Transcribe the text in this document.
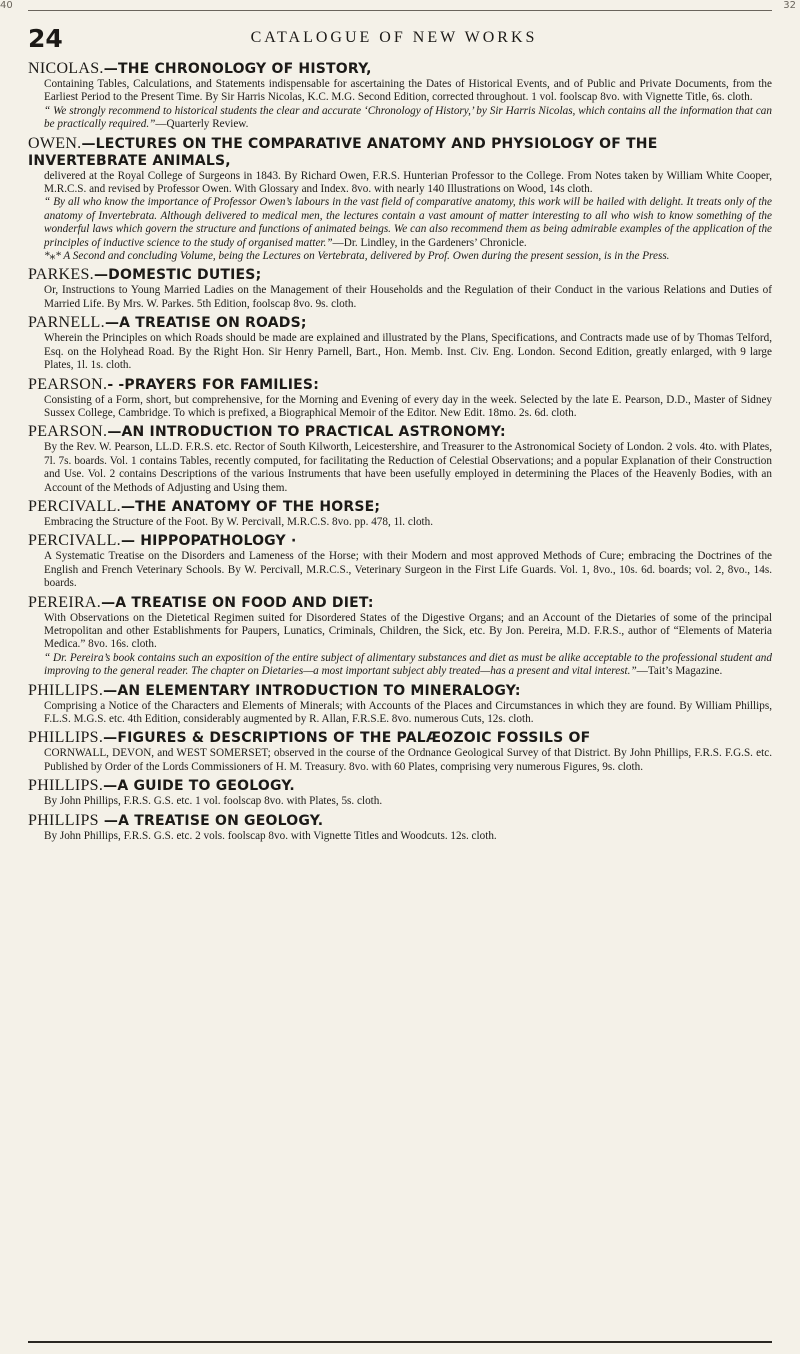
40	32
24	CATALOGUE OF NEW WORKS

NICOLAS.—THE CHRONOLOGY OF HISTORY,

Containing Tables, Calculations, and Statements indispensable for ascertaining the Dates of Historical Events, and of Public and Private Documents, from the Earliest Period to the Present Time. By Sir Harris Nicolas, K.C. M.G. Second Edition, corrected throughout. 1 vol. foolscap 8vo. with Vignette Title, 6s. cloth.

“ We strongly recommend to historical students the clear and accurate ‘Chronology of History,’ by Sir Harris Nicolas, which contains all the information that can be practically required.”—Quarterly Review.

OWEN.—LECTURES ON THE COMPARATIVE ANATOMY AND PHYSIOLOGY OF THE INVERTEBRATE ANIMALS,

delivered at the Royal College of Surgeons in 1843. By Richard Owen, F.R.S. Hunterian Professor to the College. From Notes taken by William White Cooper, M.R.C.S. and revised by Professor Owen. With Glossary and Index. 8vo. with nearly 140 Illustrations on Wood, 14s cloth.

“ By all who know the importance of Professor Owen’s labours in the vast field of comparative anatomy, this work will be hailed with delight. It treats only of the anatomy of Invertebrata. Although delivered to medical men, the lectures contain a vast amount of matter interesting to all who wish to know something of the wonderful laws which govern the structure and functions of animated beings. We can also recommend them as being admirable examples of the application of the principles of inductive science to the study of organised matter.”—Dr. Lindley, in the Gardeners’ Chronicle.

*⁎* A Second and concluding Volume, being the Lectures on Vertebrata, delivered by Prof. Owen during the present session, is in the Press.

PARKES.—DOMESTIC DUTIES;

Or, Instructions to Young Married Ladies on the Management of their Households and the Regulation of their Conduct in the various Relations and Duties of Married Life. By Mrs. W. Parkes. 5th Edition, foolscap 8vo. 9s. cloth.

PARNELL.—A TREATISE ON ROADS;

Wherein the Principles on which Roads should be made are explained and illustrated by the Plans, Specifications, and Contracts made use of by Thomas Telford, Esq. on the Holyhead Road. By the Right Hon. Sir Henry Parnell, Bart., Hon. Memb. Inst. Civ. Eng. London. Second Edition, greatly enlarged, with 9 large Plates, 1l. 1s. cloth.

PEARSON.- -PRAYERS FOR FAMILIES:

Consisting of a Form, short, but comprehensive, for the Morning and Evening of every day in the week. Selected by the late E. Pearson, D.D., Master of Sidney Sussex College, Cambridge. To which is prefixed, a Biographical Memoir of the Editor. New Edit. 18mo. 2s. 6d. cloth.

PEARSON.—AN INTRODUCTION TO PRACTICAL ASTRONOMY:

By the Rev. W. Pearson, LL.D. F.R.S. etc. Rector of South Kilworth, Leicestershire, and Treasurer to the Astronomical Society of London. 2 vols. 4to. with Plates, 7l. 7s. boards. Vol. 1 contains Tables, recently computed, for facilitating the Reduction of Celestial Observations; and a popular Explanation of their Construction and Use. Vol. 2 contains Descriptions of the various Instruments that have been usefully employed in determining the Places of the Heavenly Bodies, with an Account of the Methods of Adjusting and Using them.

PERCIVALL.—THE ANATOMY OF THE HORSE;

Embracing the Structure of the Foot. By W. Percivall, M.R.C.S. 8vo. pp. 478, 1l. cloth.

PERCIVALL.— HIPPOPATHOLOGY ·

A Systematic Treatise on the Disorders and Lameness of the Horse; with their Modern and most approved Methods of Cure; embracing the Doctrines of the English and French Veterinary Schools. By W. Percivall, M.R.C.S., Veterinary Surgeon in the First Life Guards. Vol. 1, 8vo., 10s. 6d. boards; vol. 2, 8vo., 14s. boards.

PEREIRA.—A TREATISE ON FOOD AND DIET:

With Observations on the Dietetical Regimen suited for Disordered States of the Digestive Organs; and an Account of the Dietaries of some of the principal Metropolitan and other Establishments for Paupers, Lunatics, Criminals, Children, the Sick, etc. By Jon. Pereira, M.D. F.R.S., author of “Elements of Materia Medica.” 8vo. 16s. cloth.

“ Dr. Pereira’s book contains such an exposition of the entire subject of alimentary substances and diet as must be alike acceptable to the professional student and improving to the general reader. The chapter on Dietaries—a most important subject ably treated—has a present and vital interest.”—Tait’s Magazine.

PHILLIPS.—AN ELEMENTARY INTRODUCTION TO MINERALOGY:

Comprising a Notice of the Characters and Elements of Minerals; with Accounts of the Places and Circumstances in which they are found. By William Phillips, F.L.S. M.G.S. etc. 4th Edition, considerably augmented by R. Allan, F.R.S.E. 8vo. numerous Cuts, 12s. cloth.

PHILLIPS.—FIGURES & DESCRIPTIONS OF THE PALÆOZOIC FOSSILS OF

CORNWALL, DEVON, and WEST SOMERSET; observed in the course of the Ordnance Geological Survey of that District. By John Phillips, F.R.S. F.G.S. etc. Published by Order of the Lords Commissioners of H. M. Treasury. 8vo. with 60 Plates, comprising very numerous Figures, 9s. cloth.

PHILLIPS.—A GUIDE TO GEOLOGY.

By John Phillips, F.R.S. G.S. etc. 1 vol. foolscap 8vo. with Plates, 5s. cloth.

PHILLIPS —A TREATISE ON GEOLOGY.

By John Phillips, F.R.S. G.S. etc. 2 vols. foolscap 8vo. with Vignette Titles and Woodcuts. 12s. cloth.
